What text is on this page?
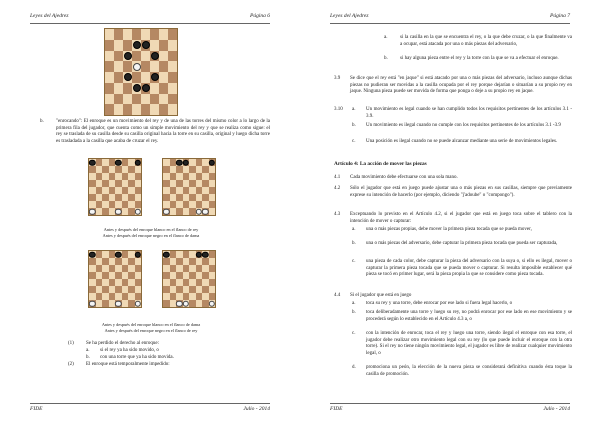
Leyes del Ajedrez	Página 6
b. "enrocando": El enroque es un movimiento del rey y de una de las torres del mismo color a lo largo de la primera fila del jugador, que cuenta como un simple movimiento del rey y que se realiza como sigue: el rey se traslada de su casilla desde su casilla original hacia la torre en su casilla, original y luego dicha torre es trasladada a la casilla que acaba de cruzar el rey.
Antes y después del enroque blanco en el flanco de rey
Antes y después del enroque negro en el flanco de dama
Antes y después del enroque blanco en el flanco de dama
Antes y después del enroque negro en el flanco de rey
(1) Se ha perdido el derecho al enroque:
a. si el rey ya ha sido movido, o
b. con una torre que ya ha sido movida.
(2) El enroque está temporalmente impedido:
FIDE	Julio - 2014
Leyes del Ajedrez	Página 7
a.	si la casilla en la que se encuentra el rey, o la que debe cruzar, o la que finalmente va a ocupar, está atacada por una o más piezas del adversario,
b. si hay alguna pieza entre el rey y la torre con la que se va a efectuar el enroque.
3.9 Se dice que el rey está "en jaque" si está atacado por una o más piezas del adversario, incluso aunque dichas piezas no pudieran ser movidas a la casilla ocupada por el rey porque dejarían o situarían a su propio rey en jaque. Ninguna pieza puede ser movida de forma que ponga o deje a su propio rey en jaque.
3.10 a. Un movimiento es legal cuando se han cumplido todos los requisitos pertinentes de los artículos 3.1 - 3.9.
b. Un movimiento es ilegal cuando no cumple con los requisitos pertinentes de los artículos 3.1 -3.9
c. Una posición es ilegal cuando no se puede alcanzar mediante una serie de movimientos legales.
Artículo 4: La acción de mover las piezas
4.1 Cada movimiento debe efectuarse con una sola mano.
4.2 Sólo el jugador que está en juego puede ajustar una o más piezas en sus casillas, siempre que previamente exprese su intención de hacerlo (por ejemplo, diciendo "j'adoube" o "compongo").
4.3 Exceptuando lo previsto en el Artículo 4.2, si el jugador que está en juego toca sobre el tablero con la intención de mover o capturar:
a. una o más piezas propias, debe mover la primera pieza tocada que se pueda mover,
b. una o más piezas del adversario, debe capturar la primera pieza tocada que pueda ser capturada,
c. una pieza de cada color, debe capturar la pieza del adversario con la suya o, si ello es ilegal, mover o capturar la primera pieza tocada que se pueda mover o capturar. Si resulta imposible establecer qué pieza se tocó en primer lugar, será la pieza propia la que se considere como pieza tocada.
4.4 Si el jugador que está en juego
a. toca su rey y una torre, debe enrocar por ese lado si fuera legal hacerlo, o
b. toca deliberadamente una torre y luego su rey, no podrá enrocar por ese lado en ese movimiento y se procederá según lo establecido en el Artículo 4.3 a, o
c. con la intención de enrocar, toca el rey y luego una torre, siendo ilegal el enroque con esa torre, el jugador debe realizar otro movimiento legal con su rey (lo que puede incluir el enroque con la otra torre). Si el rey no tiene ningún movimiento legal, el jugador es libre de realizar cualquier movimiento legal, o
d. promociona un peón, la elección de la nueva pieza se considerará definitiva cuando ésta toque la casilla de promoción.
FIDE	Julio - 2014
